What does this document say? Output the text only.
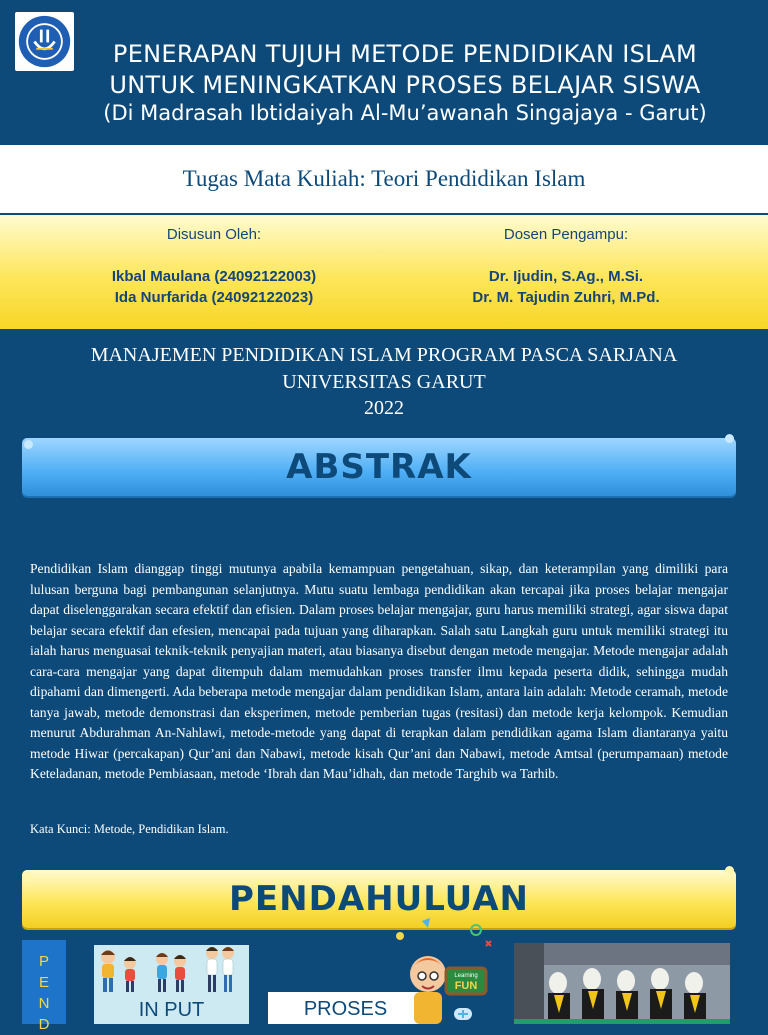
PENERAPAN TUJUH METODE PENDIDIKAN ISLAM
UNTUK MENINGKATKAN PROSES BELAJAR SISWA
(Di Madrasah Ibtidaiyah Al-Mu’awanah Singajaya - Garut)
Tugas Mata Kuliah: Teori Pendidikan Islam
Disusun Oleh:
Ikbal Maulana (24092122003)
Ida Nurfarida (24092122023)
Dosen Pengampu:
Dr. Ijudin, S.Ag., M.Si.
Dr. M. Tajudin Zuhri, M.Pd.
MANAJEMEN PENDIDIKAN ISLAM PROGRAM PASCA SARJANA
UNIVERSITAS GARUT
2022
ABSTRAK

Pendidikan Islam dianggap tinggi mutunya apabila kemampuan pengetahuan, sikap, dan keterampilan yang dimiliki para lulusan berguna bagi pembangunan selanjutnya. Mutu suatu lembaga pendidikan akan tercapai jika proses belajar mengajar dapat diselenggarakan secara efektif dan efisien. Dalam proses belajar mengajar, guru harus memiliki strategi, agar siswa dapat belajar secara efektif dan efesien, mencapai pada tujuan yang diharapkan. Salah satu Langkah guru untuk memiliki strategi itu ialah harus menguasai teknik-teknik penyajian materi, atau biasanya disebut dengan metode mengajar. Metode mengajar adalah cara-cara mengajar yang dapat ditempuh dalam memudahkan proses transfer ilmu kepada peserta didik, sehingga mudah dipahami dan dimengerti. Ada beberapa metode mengajar dalam pendidikan Islam, antara lain adalah: Metode ceramah, metode tanya jawab, metode demonstrasi dan eksperimen, metode pemberian tugas (resitasi) dan metode kerja kelompok. Kemudian menurut Abdurahman An-Nahlawi, metode-metode yang dapat di terapkan dalam pendidikan agama Islam diantaranya yaitu metode Hiwar (percakapan) Qur’ani dan Nabawi, metode kisah Qur’ani dan Nabawi, metode Amtsal (perumpamaan) metode Keteladanan, metode Pembiasaan, metode ‘Ibrah dan Mau’idhah, dan metode Targhib wa Tarhib.

Kata Kunci: Metode, Pendidikan Islam.
PENDAHULUAN
P
E
N
D
IN PUT	PROSES
Learning
FUN
